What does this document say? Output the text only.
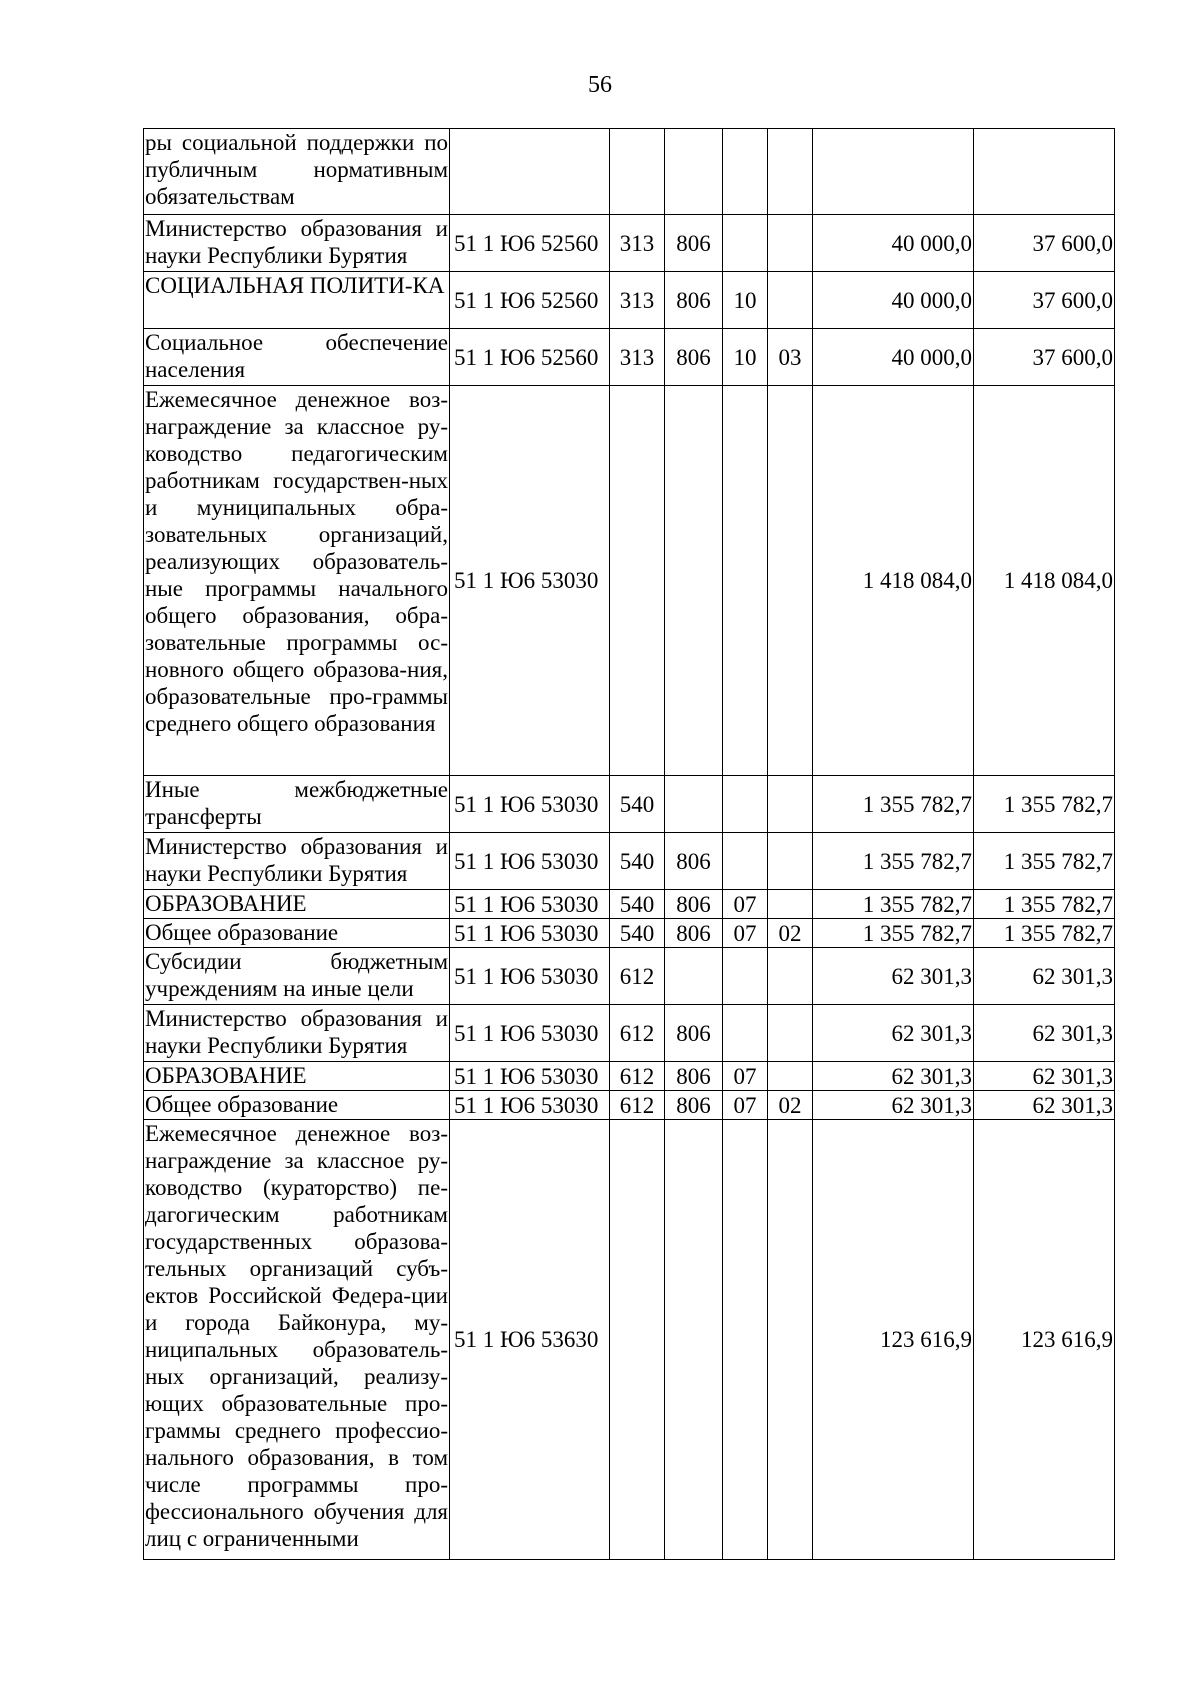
56
ры социальной поддержки по публичным нормативным обязательствам							
Министерство образования и науки Республики Бурятия	51 1 Ю6 52560	313	806			40 000,0	37 600,0
СОЦИАЛЬНАЯ ПОЛИТИ-КА	51 1 Ю6 52560	313	806	10		40 000,0	37 600,0
Социальное обеспечение населения	51 1 Ю6 52560	313	806	10	03	40 000,0	37 600,0
Ежемесячное денежное воз-награждение за классное ру-ководство педагогическим работникам государствен-ных и муниципальных обра-зовательных организаций, реализующих образователь-ные программы начального общего образования, обра-зовательные программы ос-новного общего образова-ния, образовательные про-граммы среднего общего образования	51 1 Ю6 53030					1 418 084,0	1 418 084,0
Иные межбюджетные трансферты	51 1 Ю6 53030	540				1 355 782,7	1 355 782,7
Министерство образования и науки Республики Бурятия	51 1 Ю6 53030	540	806			1 355 782,7	1 355 782,7
ОБРАЗОВАНИЕ	51 1 Ю6 53030	540	806	07		1 355 782,7	1 355 782,7
Общее образование	51 1 Ю6 53030	540	806	07	02	1 355 782,7	1 355 782,7
Субсидии бюджетным учреждениям на иные цели	51 1 Ю6 53030	612				62 301,3	62 301,3
Министерство образования и науки Республики Бурятия	51 1 Ю6 53030	612	806			62 301,3	62 301,3
ОБРАЗОВАНИЕ	51 1 Ю6 53030	612	806	07		62 301,3	62 301,3
Общее образование	51 1 Ю6 53030	612	806	07	02	62 301,3	62 301,3
Ежемесячное денежное воз-награждение за классное ру-ководство (кураторство) пе-дагогическим работникам государственных образова-тельных организаций субъ-ектов Российской Федера-ции и города Байконура, му-ниципальных образователь-ных организаций, реализу-ющих образовательные про-граммы среднего профессио-нального образования, в том числе программы про-фессионального обучения для лиц с ограниченными	51 1 Ю6 53630					123 616,9	123 616,9
